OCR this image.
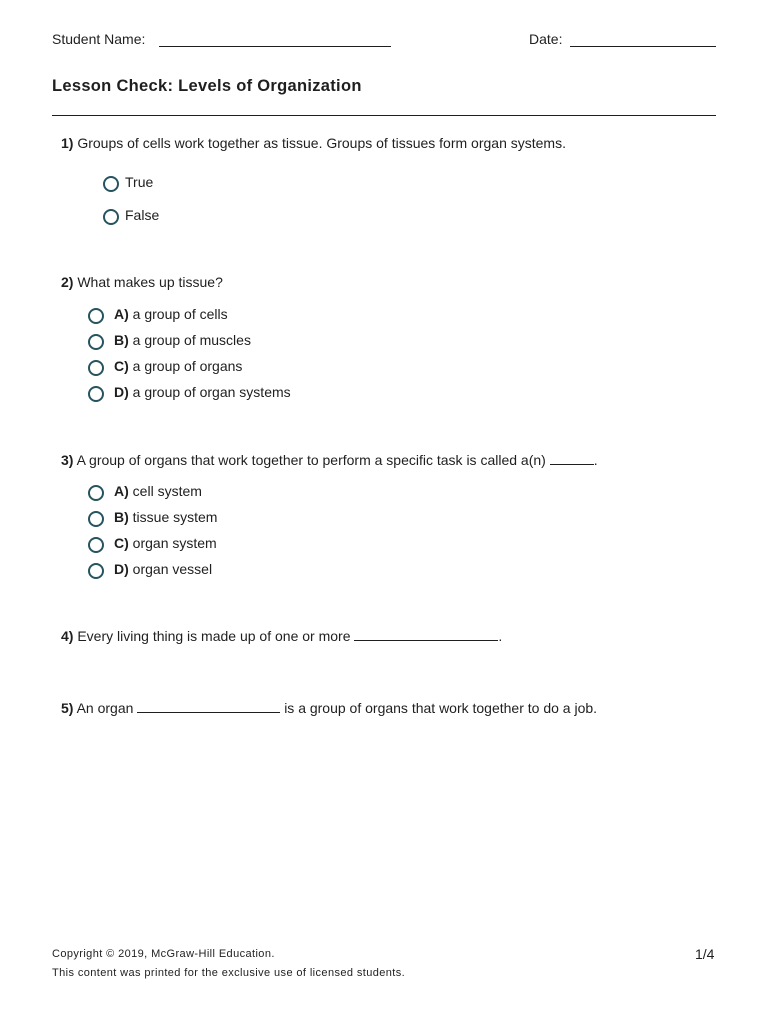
Student Name:	Date:
Lesson Check: Levels of Organization

1) Groups of cells work together as tissue. Groups of tissues form organ systems.

True
False

2) What makes up tissue?

A) a group of cells
B) a group of muscles
C) a group of organs
D) a group of organ systems

3) A group of organs that work together to perform a specific task is called a(n)	.

A) cell system
B) tissue system
C) organ system
D) organ vessel

4) Every living thing is made up of one or more	.

5) An organ	is a group of organs that work together to do a job.

Copyright © 2019, McGraw-Hill Education.
This content was printed for the exclusive use of licensed students.
1/4
